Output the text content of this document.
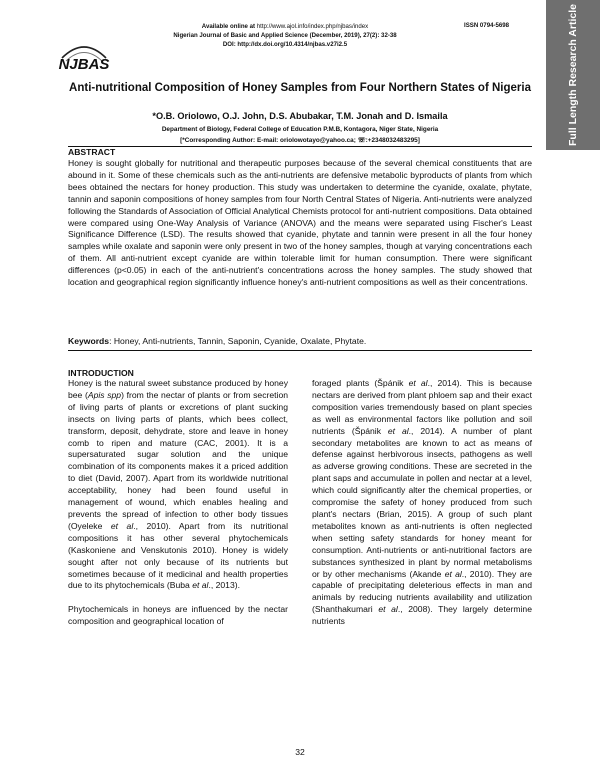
Full Length Research Article
NJBAS
Available online at http://www.ajol.info/index.php/njbas/index
Nigerian Journal of Basic and Applied Science (December, 2019), 27(2): 32-38
DOI: http://dx.doi.org/10.4314/njbas.v27i2.5
ISSN 0794-5698
Anti-nutritional Composition of Honey Samples from Four Northern States of Nigeria
*O.B. Oriolowo, O.J. John, D.S. Abubakar, T.M. Jonah and D. Ismaila
Department of Biology, Federal College of Education P.M.B, Kontagora, Niger State, Nigeria
[*Corresponding Author: E-mail: oriolowotayo@yahoo.ca; ☏:+2348032483295]
ABSTRACT
Honey is sought globally for nutritional and therapeutic purposes because of the several chemical constituents that are abound in it. Some of these chemicals such as the anti-nutrients are defensive metabolic byproducts of plants from which bees obtained the nectars for honey production. This study was undertaken to determine the cyanide, oxalate, phytate, tannin and saponin compositions of honey samples from four North Central States of Nigeria. Anti-nutrients were analyzed following the Standards of Association of Official Analytical Chemists protocol for anti-nutrient compositions. Data obtained were compared using One-Way Analysis of Variance (ANOVA) and the means were separated using Fischer's Least Significance Difference (LSD). The results showed that cyanide, phytate and tannin were present in all the four honey samples while oxalate and saponin were only present in two of the honey samples, though at varying concentrations each of them. All anti-nutrient except cyanide are within tolerable limit for human consumption. There were significant differences (p<0.05) in each of the anti-nutrient's concentrations across the honey samples. The study showed that location and geographical region significantly influence honey's anti-nutrient compositions as well as their concentrations.
Keywords: Honey, Anti-nutrients, Tannin, Saponin, Cyanide, Oxalate, Phytate.
INTRODUCTION

Honey is the natural sweet substance produced by honey bee (Apis spp) from the nectar of plants or from secretion of living parts of plants or excretions of plant sucking insects on living parts of plants, which bees collect, transform, deposit, dehydrate, store and leave in honey comb to ripen and mature (CAC, 2001). It is a supersaturated sugar solution and the unique combination of its components makes it a priced addition to diet (David, 2007). Apart from its worldwide nutritional acceptability, honey had been found useful in management of wound, which enables healing and prevents the spread of infection to other body tissues (Oyeleke et al., 2010). Apart from its nutritional compositions it has other several phytochemicals (Kaskoniene and Venskutonis 2010). Honey is widely sought after not only because of its nutrients but sometimes because of it medicinal and health properties due to its phytochemicals (Buba et al., 2013).

Phytochemicals in honeys are influenced by the nectar composition and geographical location of

foraged plants (Špánik et al., 2014). This is because nectars are derived from plant phloem sap and their exact composition varies tremendously based on plant species as well as environmental factors like pollution and soil nutrients (Špánik et al., 2014). A number of plant secondary metabolites are known to act as means of defense against herbivorous insects, pathogens as well as adverse growing conditions. These are secreted in the plant saps and accumulate in pollen and nectar at a level, which could significantly alter the chemical properties, or compromise the safety of honey produced from such plant's nectars (Brian, 2015). A group of such plant metabolites known as anti-nutrients is often neglected when setting safety standards for honey meant for consumption. Anti-nutrients or anti-nutritional factors are substances synthesized in plant by normal metabolisms or by other mechanisms (Akande et al., 2010). They are capable of precipitating deleterious effects in man and animals by reducing nutrients availability and utilization (Shanthakumari et al., 2008). They largely determine nutrients

32
